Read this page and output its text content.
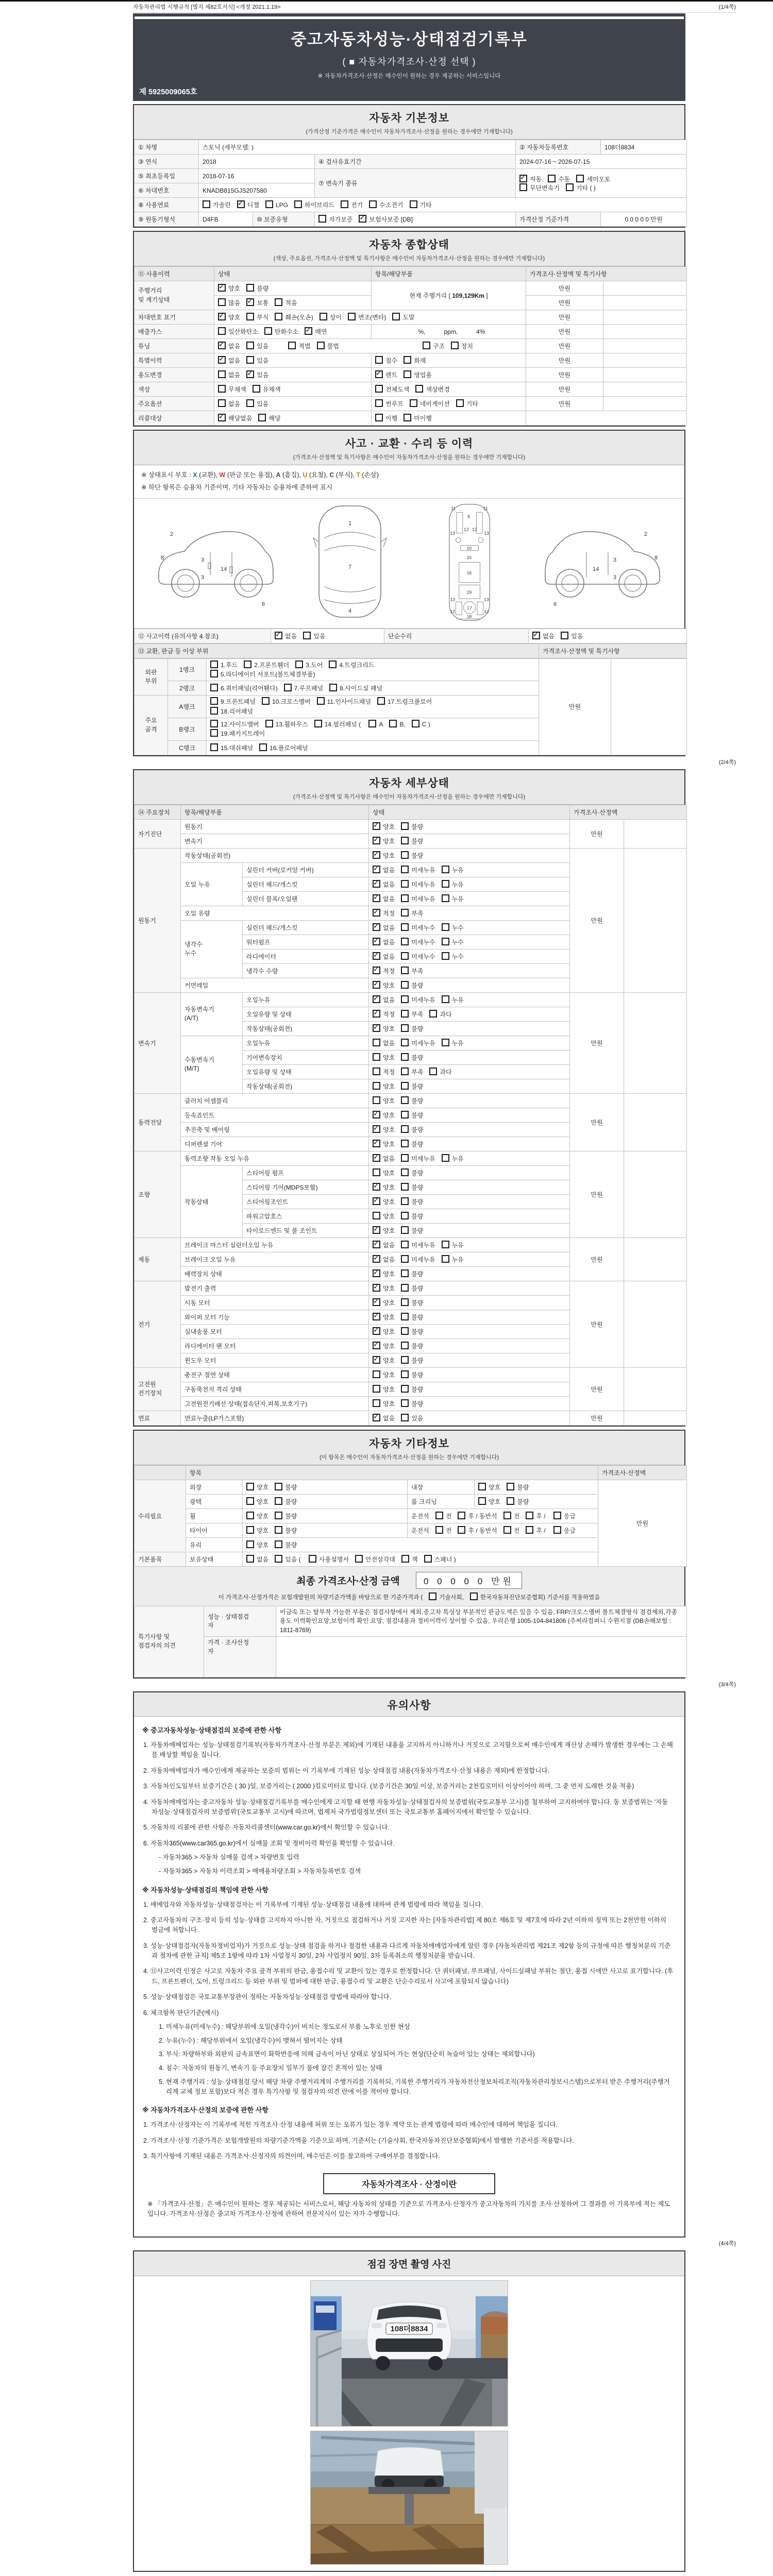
자동차관리법 시행규칙 [별지 제82호서식] <개정 2021.1.19>	(1/4쪽)
중고자동차성능·상태점검기록부
( ■ 자동차가격조사·산정 선택 )
※ 자동차가격조사·산정은 매수인이 원하는 경우 제공하는 서비스입니다
제 5925009065호
자동차 기본정보
(가격산정 기준가격은 매수인이 자동차가격조사·산정을 원하는 경우에만 기재합니다)
① 차명	스토닉 (세부모델: )			② 자동차등록번호	108더8834
③ 연식	2018		④ 검사유효기간	2024-07-16 ~ 2026-07-15	
⑤ 최초등록일	2018-07-16		⑦ 변속기 종류	
✓자동 수동 세미오토
무단변속기 기타 ( )

⑥ 차대번호	KNADB815GJS207580				
⑧ 사용연료	가솔린 ✓ 디젤 LPG 하이브리드 전기 수소전기 기타
⑨ 원동기형식	D4FB	⑩ 보증유형	자가보증 ✓ 보험사보증 [DB]	가격산정 기준가격	0 0 0 0 0 만원
자동차 종합상태
(색상, 주요옵션, 가격조사·산정액 및 특기사항은 매수인이 자동차가격조사·산정을 원하는 경우에만 기재합니다)
⑪ 사용이력	상태	항목/해당부품	가격조사·산정액 및 특기사항	
주행거리
및 계기상태	✓양호 불량	현재 주행거리 [ 109,129Km ]	만원	
	많음 ✓ 보통 적음		만원	
차대번호 표기	✓양호 부식 훼손(오손) 상이 변조(변타) 도말		만원	
배출가스	일산화탄소 탄화수소 ✓ 매연	　%,　　　ppm,　　　4%	만원	
튜닝	✓없음 있음 적법 불법 구조 장치		만원	
특별이력	✓없음 있음	침수 화재	만원	
용도변경	없음 ✓ 있음	✓렌트 영업용	만원	
색상	무채색 유채색	전체도색 색상변경	만원	
주요옵션	없음 있음	썬루프 네비게이션 기타	만원	
리콜대상	✓해당없음 해당	이행 미이행		
사고 · 교환 · 수리 등 이력
(가격조사·산정액 및 특기사항은 매수인이 자동차가격조사·산정을 원하는 경우에만 기재합니다)
※ 상태표시 부호 : X (교환), W (판금 또는 용접), A (흠집), U (요철), C (부식), T (손상)
※ 하단 항목은 승용차 기준이며, 기타 자동차는 승용차에 준하여 표시
2
8	3
14
3
6
1
7
4
11	11
13	13
12 12
9
10
15
16
19
13	13
12	12
17
18
2
8
3
14
3
6
⑫ 사고이력 (유의사항 4.참조)	✓없음	있음	단순수리	✓없음	있음
⑬ 교환, 판금 등 이상 부위	가격조사·산정액 및 특기사항
외판
부위	1랭크	
1.후드	2.프론트휀더	3.도어	4.트렁크리드
5.라디에이터 서포트(볼트체결부품)
	만원	
	2랭크	6.쿼터패널(리어휀다) 7.루프패널 8.사이드실 패널		
주요
골격	A랭크	
9.프론트패널	10.크로스멤버	11.인사이드패널	17.트렁크플로어
18.리어패널

	B랭크	12.사이드멤버 13.휠하우스 14.필러패널 ( A B, C )
19.패키지트레이		

	C랭크	15.대쉬패널 16.플로어패널		
(2/4쪽)
자동차 세부상태
(가격조사·산정액 및 특기사항은 매수인이 자동차가격조사·산정을 원하는 경우에만 기재합니다)
⑭ 주요장치	항목/해당부품		상태	가격조사·산정액	
자기진단	원동기	✓양호 불량	만원	
	변속기	✓양호 불량
원동기	작동상태(공회전)	✓양호 불량	만원	
	오일 누유	실린더 커버(로커암 커버)	✓없음 미세누유 누유
		실린더 헤드/개스킷	✓없음 미세누유 누유
		실린더 블록/오일팬	✓없음 미세누유 누유
	오일 유량	✓적정 부족
	냉각수
누수	실린더 헤드/개스킷	✓없음 미세누수 누수
		워터펌프	✓없음 미세누수 누수
		라디에이터	✓없음 미세누수 누수
		냉각수 수량	✓적정 부족
	커먼레일	✓양호 불량
변속기	자동변속기
(A/T)	오일누유	✓없음 미세누유 누유	만원	
		오일유량 및 상태	✓적정 부족 과다
		작동상태(공회전)	✓양호 불량
	수동변속기
(M/T)	오일누유	없음 미세누유 누유		
		기어변속장치	양호 불량		
		오일유량 및 상태	적정 부족 과다		
		작동상태(공회전)	양호 불량		
동력전달	클러치 어셈블리		양호 불량	만원	
	등속죠인트	✓양호 불량
	추진축 및 베어링	✓양호 불량
	디퍼렌셜 기어	✓양호 불량
조향	동력조향 작동 오일 누유	✓없음 미세누유 누유	만원	
	작동상태	스티어링 펌프	양호 불량		
		스티어링 기어(MDPS포함)	✓양호 불량
		스티어링조인트	✓양호 불량
		파워고압호스	양호 불량		
		타이로드엔드 및 볼 조인트	✓양호 불량
제동	브레이크 마스터 실린더오일 누유	✓없음 미세누유 누유	만원	
	브레이크 오일 누유	✓없음 미세누유 누유
	배력장치 상태	✓양호 불량
전기	발전기 출력	✓양호 불량	만원	
	시동 모터	✓양호 불량
	와이퍼 모터 기능	✓양호 불량
	실내송풍 모터	✓양호 불량
	라디에이터 팬 모터	✓양호 불량
	윈도우 모터	✓양호 불량
고전원
전기장치	충전구 절연 상태		양호 불량	만원	
	구동축전지 격리 상태		양호 불량		
	고전원전기배선 상태(접속단자,피복,보호기구)		양호 불량		
연료	연료누출(LP가스포함)	✓없음 있음	만원	
자동차 기타정보
(이 항목은 매수인이 자동차가격조사·산정을 원하는 경우에만 기재합니다)
	항목				가격조사·산정액
수리필요	외장	양호 불량	내장	양호 불량	만원
	광택	양호 불량	룸 크리닝	양호 불량	
	휠	양호 불량	운전석 전 후 / 동반석 전 후 / 응급		
	타이어	양호 불량	운전석 전 후 / 동반석 전 후 / 응급		
	유리	양호 불량			
기본품목	보유상태	없음 있음 ( 사용설명서 안전삼각대 잭 스패너 )			
최종 가격조사·산정 금액	0 0 0 0 0 만원
이 가격조사·산정가격은 보험개발원의 차량기준가액을 바탕으로 한 기준가격과 (	기술사회,	한국자동차진단보증협회) 기준서를 적용하였음
특기사항 및
점검자의 의견	성능 · 상태점검
자	비금속 또는 탈부착 가능한 부품은 점검사항에서 제외,중고차 특성상 부분적인 판금도색은 있을 수 있음, FRP/크로스멤버 볼트체결방식 점검제외,각종용도 이력확인요망,보험이력 확인 요망, 점검내용과 정비이력이 상이할 수 있음, 우리은행 1005-104-841806 (주써라컴퍼니 수원지점 (DB손해보험 : 1811-8769)
	가격 · 조사산정
자	
(3/4쪽)
유의사항
※ 중고자동차성능·상태점검의 보증에 관한 사항
1. 자동차매매업자는 성능·상태점검기록부(자동차가격조사·산정 부분은 제외)에 기재된 내용을 고지하지 아니하거나 거짓으로 고지함으로써 매수인에게 재산상 손해가 발생한 경우에는 그 손해를 배상할 책임을 집니다.
2. 자동차매매업자가 매수인에게 제공하는 보증의 범위는 이 기록부에 기재된 성능·상태점검 내용(자동차가격조사·산정 내용은 제외)에 한정합니다.
3. 자동차인도일부터 보증기간은 ( 30 )일, 보증거리는 ( 2000 )킬로미터로 합니다. (보증기간은 30일 이상, 보증거리는 2천킬로미터 이상이어야 하며, 그 중 먼저 도래한 것을 적용)
4. 자동차매매업자는 중고자동차 성능·상태점검기록부를 매수인에게 고지할 때 현행 자동차성능·상태점검자의 보증범위(국토교통부 고시)를 첨부하여 고지하여야 합니다. 동 보증범위는 '자동차성능·상태점검자의 보증범위'(국토교통부 고시)에 따르며, 법제처 국가법령정보센터 또는 국토교통부 홈페이지에서 확인할 수 있습니다.
5. 자동차의 리콜에 관한 사항은 자동차리콜센터(www.car.go.kr)에서 확인할 수 있습니다.
6. 자동차365(www.car365.go.kr)에서 실매물 조회 및 정비이력 확인을 확인할 수 있습니다.
- 자동차365 > 자동차 실매물 검색 > 차량번호 입력
- 자동차365 > 자동차 이력조회 > 매매용차량조회 > 자동차등록번호 검색
※ 자동차성능·상태점검의 책임에 관한 사항
1. 매매업자와 자동차성능·상태점검자는 이 기록부에 기재된 성능·상태점검 내용에 대하여 관계 법령에 따라 책임을 집니다.
2. 중고자동차의 구조·장치 등의 성능·상태를 고지하지 아니한 자, 거짓으로 점검하거나 거짓 고지한 자는 [자동차관리법] 제 80조 제6호 및 제7호에 따라 2년 이하의 징역 또는 2천만원 이하의 벌금에 처합니다.
3. 성능·상태점검자(자동차정비업자)가 거짓으로 성능·상태 점검을 하거나 점검한 내용과 다르게 자동차매매업자에게 알린 경우 [자동차관리법 제21조 제2항 등의 규정에 따른 행정처분의 기준과 절차에 관한 규칙] 제5조 1항에 따라 1차 사업정지 30일, 2차 사업정지 90일, 3차 등록취소의 행정처분을 받습니다.
4. ⑫사고이력 인정은 사고로 자동차 주요 골격 부위의 판금, 용접수리 및 교환이 있는 경우로 한정합니다. 단 쿼터패널, 루프패널, 사이드실패널 부위는 절단, 용접 시에만 사고로 표기합니다. (후드, 프론트펜더, 도어, 트렁크리드 등 외판 부위 및 범퍼에 대한 판금, 용접수리 및 교환은 단순수리로서 사고에 포함되지 않습니다)
5. 성능·상태점검은 국토교통부장관이 정하는 자동차성능·상태점검 방법에 따라야 합니다.
6. 체크항목 판단기준(예시)
1. 미세누유(미세누수) : 해당부위에 오일(냉각수)이 비치는 정도로서 부품 노후로 인한 현상
2. 누유(누수) : 해당부위에서 오일(냉각수)이 맺혀서 떨어지는 상태
3. 부식: 차량하부와 외판의 금속표면이 화학반응에 의해 금속이 아닌 상태로 상실되어 가는 현상(단순히 녹슬어 있는 상태는 제외합니다)
4. 침수: 자동차의 원동기, 변속기 등 주요장치 일부가 물에 잠긴 흔적이 있는 상태
5. 현재 주행거리 : 성능·상태점검 당시 해당 차량 주행거리계의 주행거리를 기록하되, 기록한 주행거리가 자동차전산정보처리조직(자동차관리정보시스템)으로부터 받은 주행거리(주행거리계 교체 정보 포함)보다 적은 경우 특기사항 및 점검자의 의견 란에 이를 적어야 합니다.
※ 자동차가격조사·산정의 보증에 관한 사항
1. 가격조사·산정자는 이 기록부에 적힌 가격조사·산정 내용에 허위 또는 오류가 있는 경우 계약 또는 관계 법령에 따라 매수인에 대하여 책임을 집니다.
2. 가격조사·산정 기준가격은 보험개발원의 차량기준가액을 기준으로 하며, 기준서는 (기술사회, 한국자동차진단보증협회)에서 발행한 기준서를 적용합니다.
3. 특기사항에 기재된 내용은 가격조사·산정자의 의견이며, 매수인은 이를 참고하여 구매여부를 결정합니다.
자동차가격조사 · 산정이란
※ 「가격조사·산정」은 매수인이 원하는 경우 제공되는 서비스로서, 해당 자동차의 상태를 기준으로 가격조사·산정자가 중고자동차의 가치를 조사·산정하여 그 결과를 이 기록부에 적는 제도입니다. 가격조사·산정은 중고차 가격조사·산정에 관하여 전문지식이 있는 자가 수행합니다.
(4/4쪽)
점검 장면 촬영 사진
108더8834
